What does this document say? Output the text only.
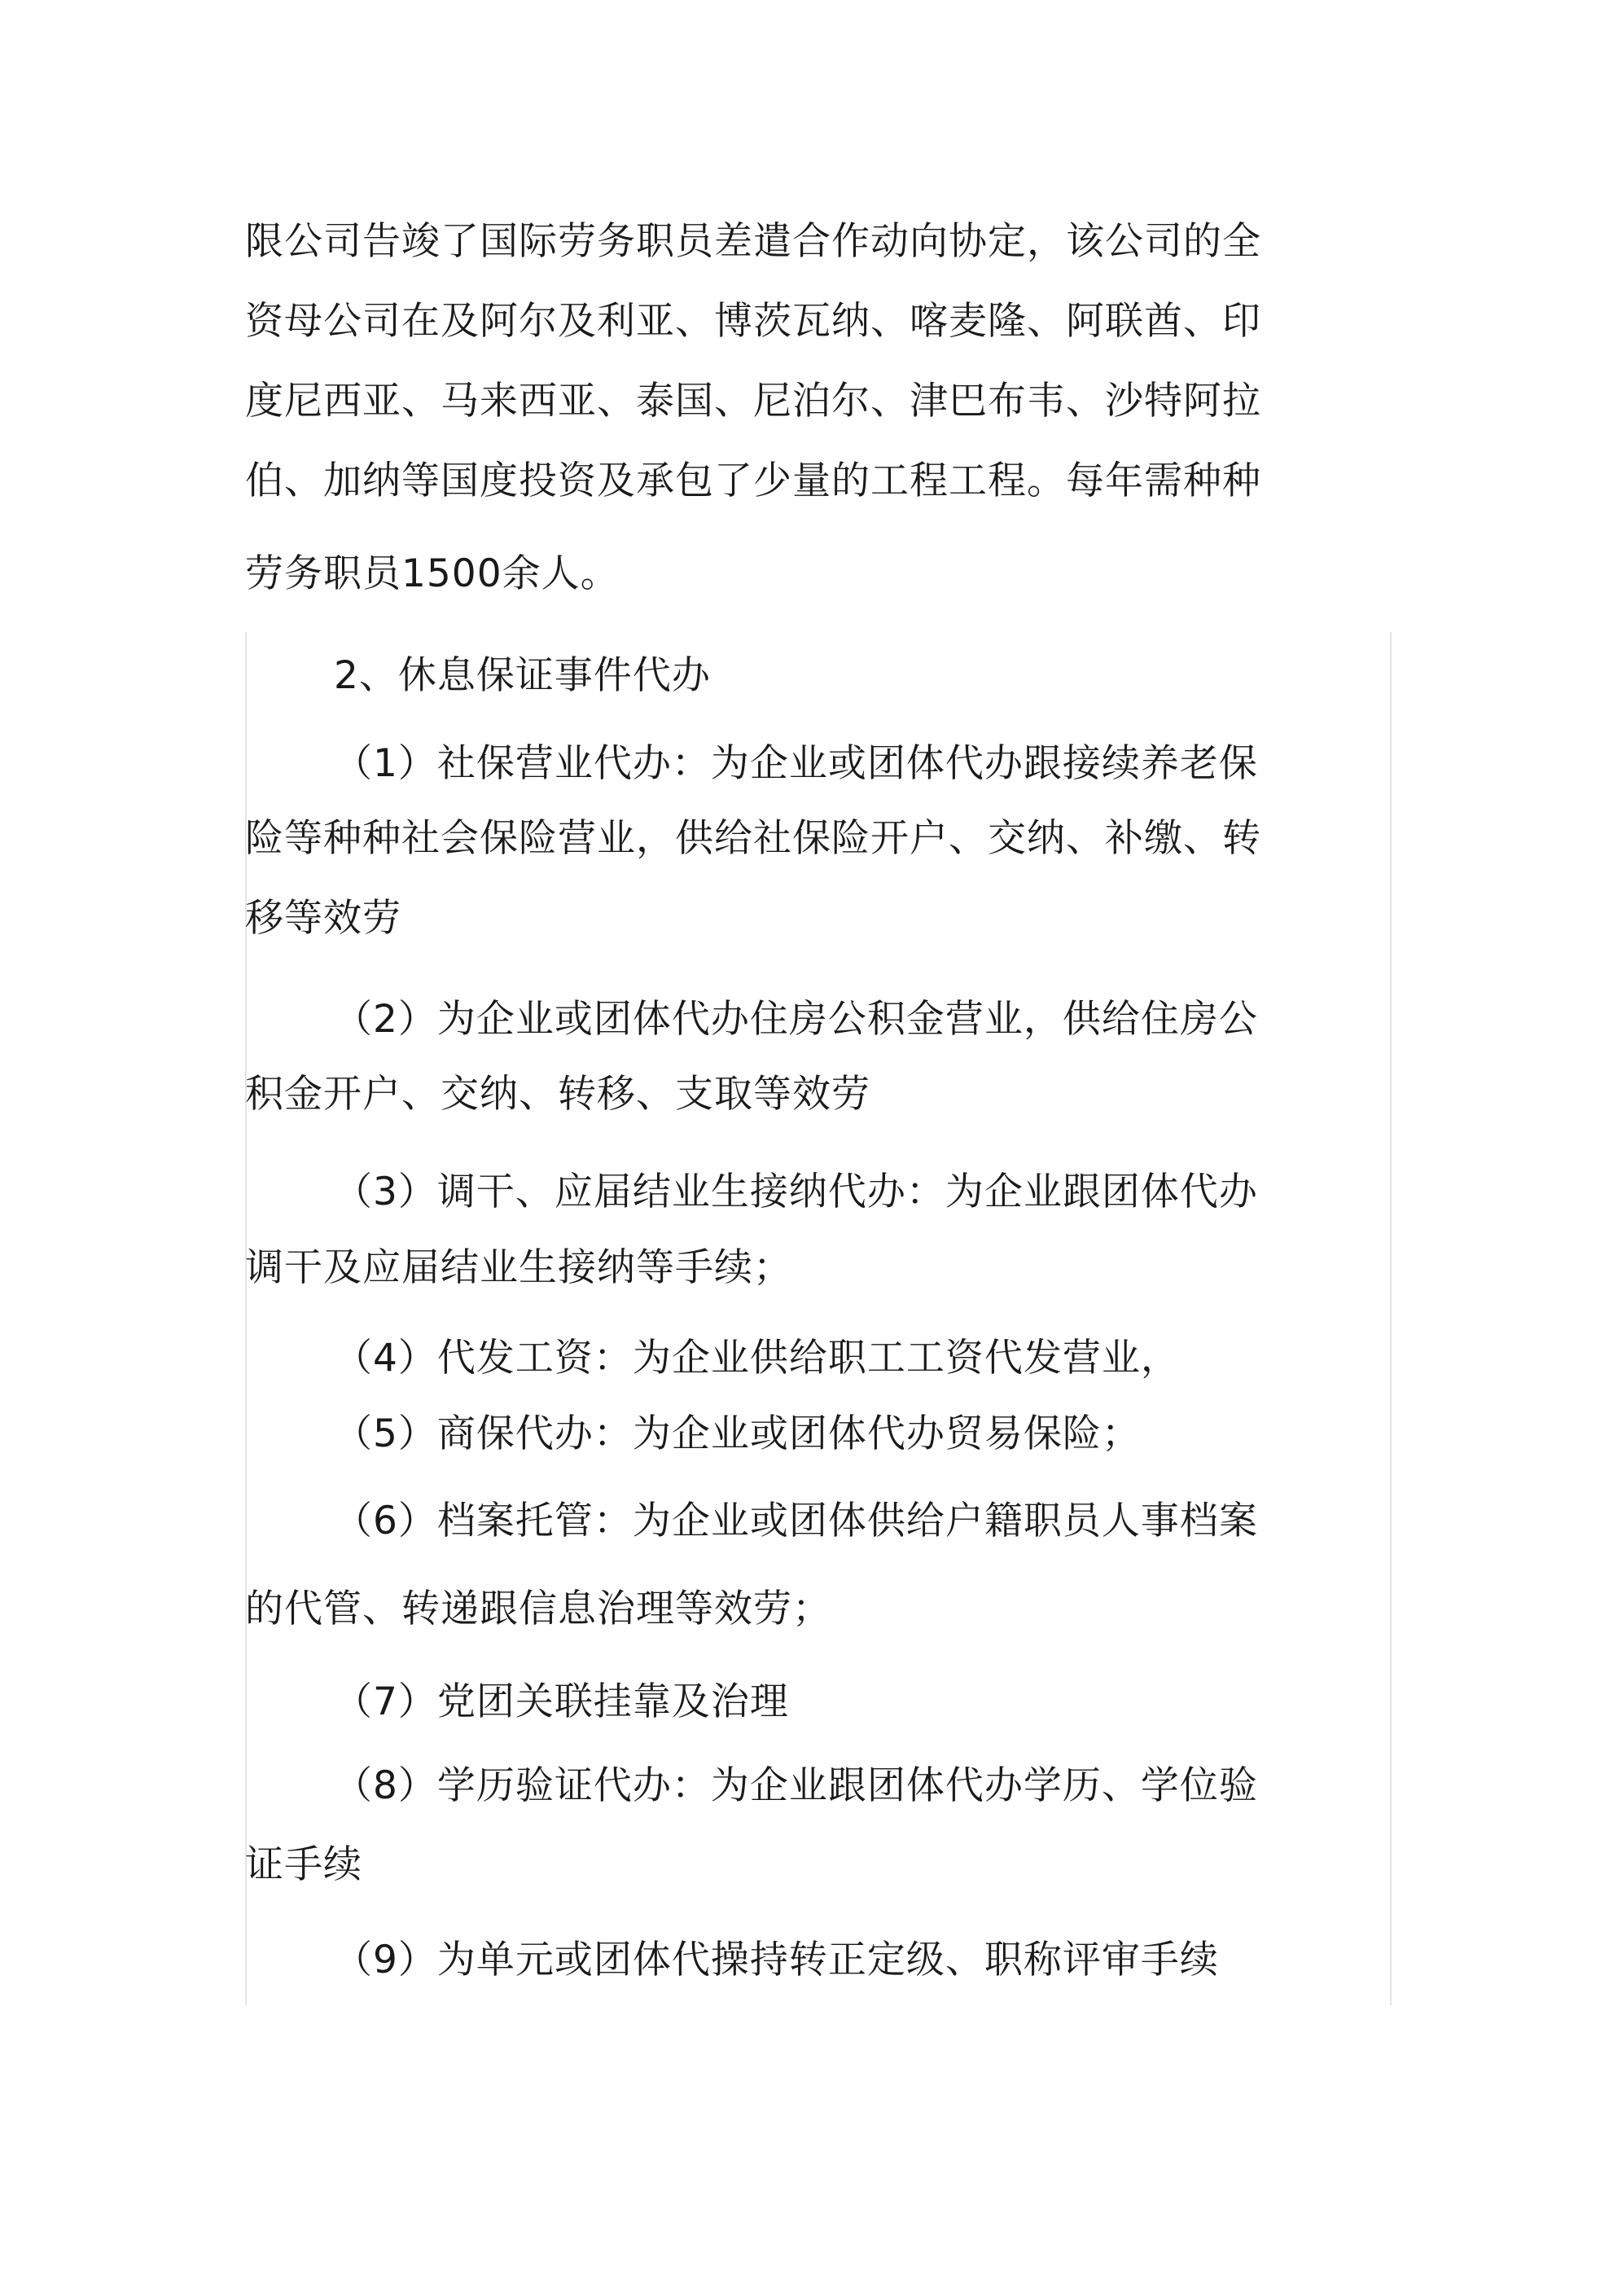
限公司告竣了国际劳务职员差遣合作动向协定，该公司的全
资母公司在及阿尔及利亚、博茨瓦纳、喀麦隆、阿联酋、印
度尼西亚、马来西亚、泰国、尼泊尔、津巴布韦、沙特阿拉
伯、加纳等国度投资及承包了少量的工程工程。每年需种种
劳务职员1500余人。
2、休息保证事件代办
（1）社保营业代办：为企业或团体代办跟接续养老保
险等种种社会保险营业，供给社保险开户、交纳、补缴、转
移等效劳
（2）为企业或团体代办住房公积金营业，供给住房公
积金开户、交纳、转移、支取等效劳
（3）调干、应届结业生接纳代办：为企业跟团体代办
调干及应届结业生接纳等手续；
（4）代发工资：为企业供给职工工资代发营业，
（5）商保代办：为企业或团体代办贸易保险；
（6）档案托管：为企业或团体供给户籍职员人事档案
的代管、转递跟信息治理等效劳；
（7）党团关联挂靠及治理
（8）学历验证代办：为企业跟团体代办学历、学位验
证手续
（9）为单元或团体代操持转正定级、职称评审手续
